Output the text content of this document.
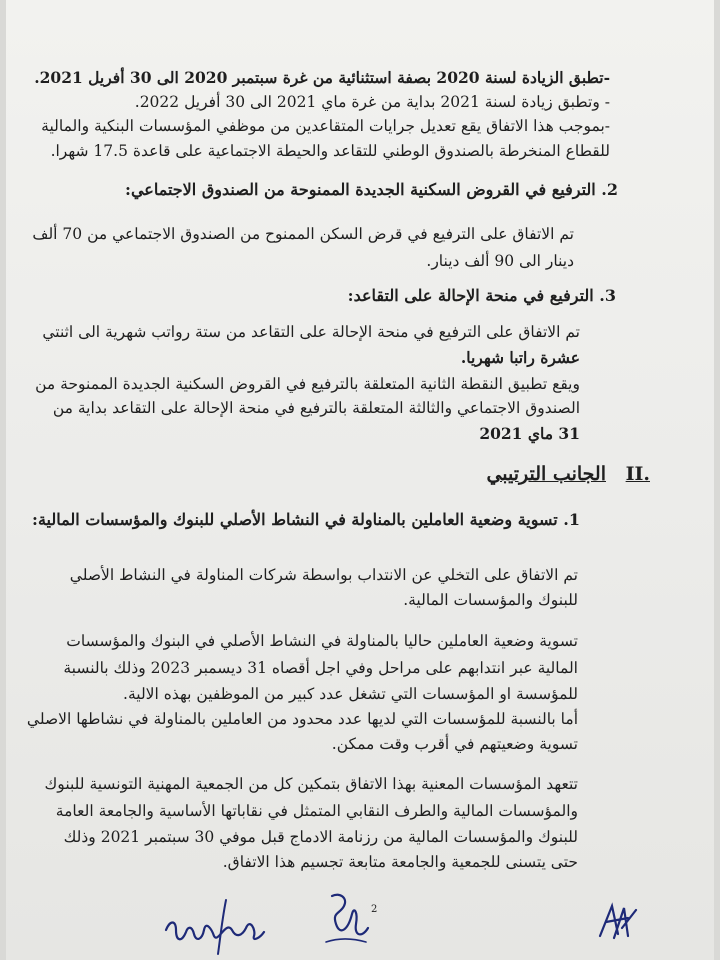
-تطبق الزيادة لسنة 2020 بصفة استثنائية من غرة سبتمبر 2020 الى 30 أفريل 2021.
- وتطبق زيادة لسنة 2021 بداية من غرة ماي 2021 الى 30 أفريل 2022.
-بموجب هذا الاتفاق يقع تعديل جرايات المتقاعدين من موظفي المؤسسات البنكية والمالية
للقطاع المنخرطة بالصندوق الوطني للتقاعد والحيطة الاجتماعية على قاعدة 17.5 شهرا.
2. الترفيع في القروض السكنية الجديدة الممنوحة من الصندوق الاجتماعي:
تم الاتفاق على الترفيع في قرض السكن الممنوح من الصندوق الاجتماعي من 70 ألف
دينار الى 90 ألف دينار.
3. الترفيع في منحة الإحالة على التقاعد:
تم الاتفاق على الترفيع في منحة الإحالة على التقاعد من ستة رواتب شهرية الى اثنتي
عشرة راتبا شهريا.
ويقع تطبيق النقطة الثانية المتعلقة بالترفيع في القروض السكنية الجديدة الممنوحة من
الصندوق الاجتماعي والثالثة المتعلقة بالترفيع في منحة الإحالة على التقاعد بداية من
31 ماي 2021
II.
الجانب الترتيبي
1. تسوية وضعية العاملين بالمناولة في النشاط الأصلي للبنوك والمؤسسات المالية:
تم الاتفاق على التخلي عن الانتداب بواسطة شركات المناولة في النشاط الأصلي
للبنوك والمؤسسات المالية.
تسوية وضعية العاملين حاليا بالمناولة في النشاط الأصلي في البنوك والمؤسسات
المالية عبر انتدابهم على مراحل وفي اجل أقصاه 31 ديسمبر 2023 وذلك بالنسبة
للمؤسسة او المؤسسات التي تشغل عدد كبير من الموظفين بهذه الالية.
أما بالنسبة للمؤسسات التي لديها عدد محدود من العاملين بالمناولة في نشاطها الاصلي
تسوية وضعيتهم في أقرب وقت ممكن.
تتعهد المؤسسات المعنية بهذا الاتفاق بتمكين كل من الجمعية المهنية التونسية للبنوك
والمؤسسات المالية والطرف النقابي المتمثل في نقاباتها الأساسية والجامعة العامة
للبنوك والمؤسسات المالية من رزنامة الادماج قبل موفي 30 سبتمبر 2021 وذلك
حتى يتسنى للجمعية والجامعة متابعة تجسيم هذا الاتفاق.
2
